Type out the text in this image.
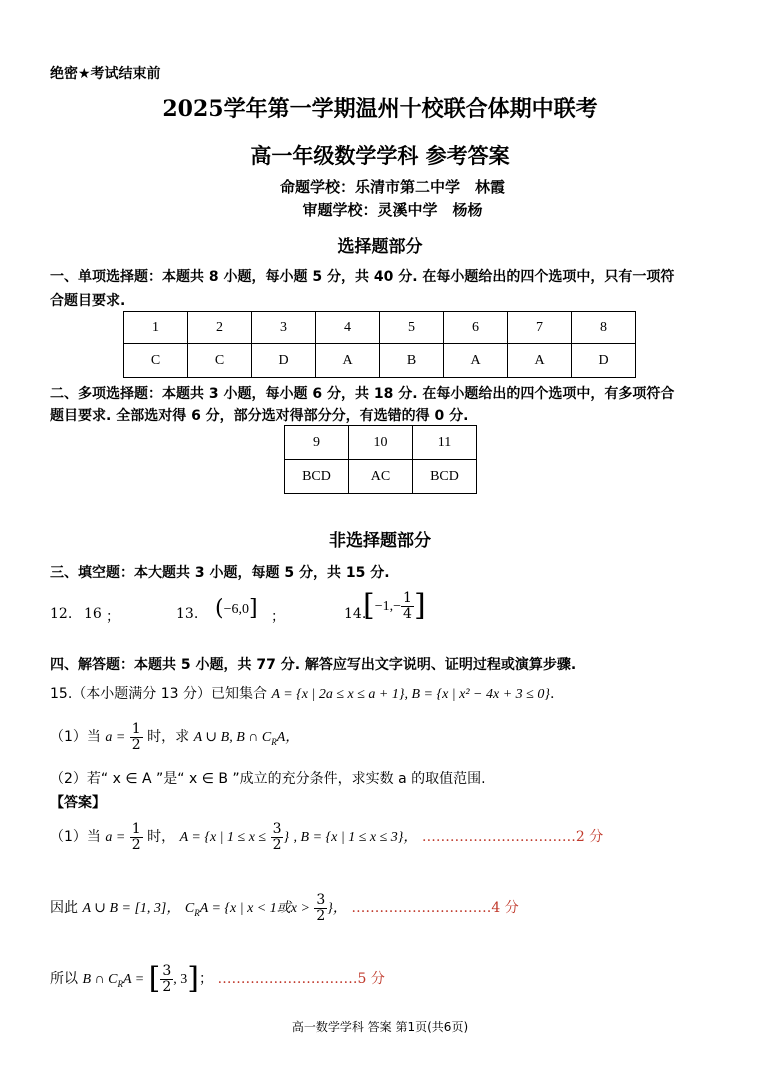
绝密★考试结束前
2025学年第一学期温州十校联合体期中联考
高一年级数学学科 参考答案
命题学校：乐清市第二中学　林霞
审题学校：灵溪中学　杨杨
选择题部分
一、单项选择题：本题共 8 小题，每小题 5 分，共 40 分. 在每小题给出的四个选项中，只有一项符
合题目要求.
1	2	3	4	5	6	7	8
C	C	D	A	B	A	A	D
二、多项选择题：本题共 3 小题，每小题 6 分，共 18 分. 在每小题给出的四个选项中，有多项符合
题目要求. 全部选对得 6 分，部分选对得部分分，有选错的得 0 分.
9	10	11
BCD	AC	BCD
非选择题部分
三、填空题：本大题共 3 小题，每题 5 分，共 15 分.
12. 16 ；	13. (−6,0] ；	14.
[$-1,- \frac{1}{4}$ ]
四、解答题：本题共 5 小题，共 77 分. 解答应写出文字说明、证明过程或演算步骤.
15.（本小题满分 13 分）已知集合 A = {x | 2a ≤ x ≤ a + 1}, B = {x | x² − 4x + 3 ≤ 0}.
（1）当 $a = \frac{1}{2}$ 时，求 A ∪ B, B ∩ $C_RA$，
（2）若“ x ∈ A ”是“ x ∈ B ”成立的充分条件，求实数 a 的取值范围.
【答案】
（1）当 $a = \frac{1}{2}$ 时， A = {x | $1 \le x \le \frac{3}{2}$ } , B = {x | 1 ≤ x ≤ 3}， ……………………………2 分
因此 A ∪ B = [1, 3]， $C_RA = \{x$ | x < 1或$x > \frac{3}{2}$ }， …………………………4 分
所以 B ∩ $C_RA$ = [ $\frac{3}{2}$ , 3]； …………………………5 分
高一数学学科 答案 第1页(共6页)
